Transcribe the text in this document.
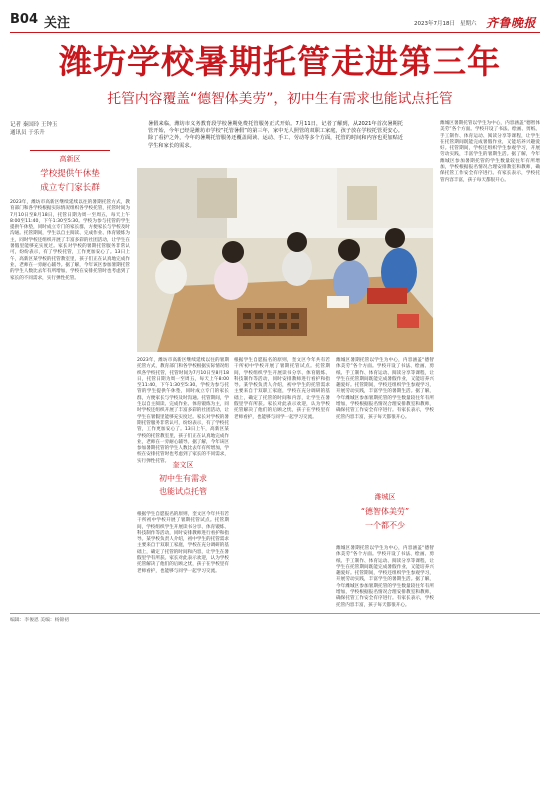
B04 关注	2023年7月18日 星期六 齐鲁晚报
潍坊学校暑期托管走进第三年
托管内容覆盖“德智体美劳”，初中生有需求也能试点托管
记者 秦国玲 王钟玉
通讯员 于乐升
暑假来临，潍坊市义务教育段学校暑期免费托管服务正式开始。7月11日，记者了解到，从2021年首次暑期托管开始，今年已经是潍坊市学校“托管暑假”的第三年，家中无人照管的双职工家庭，孩子放在学校托管更安心。除了看护之外，今年的暑期托管服务还覆盖阅读、运动、手工、劳动等多个方面，托管的时间和内容也更加贴近学生和家长的需求。
高新区
学校提供午休垫
成立专门家长群
2023年，潍坊市高新区继续延续以往的暑期托管方式，教育部门和各学校根据实际情况组织各学校托管，托管时间为7月10日至8月18日，托管日期为周一至周五，每天上午8:00至11:40，下午1:30至5:30。学校为参与托管的学生提供午休垫，同时成立专门的家长群，方便家长与学校及时沟通。托管期间，学生以自主阅读、完成作业、体育锻炼为主，同时学校还组织开展了丰富多彩的社团活动，让学生在暑假里能够充实度过。家长对学校的暑期托管服务非常认可，纷纷表示，有了学校托管，工作更加安心了。13日上午，高新区某学校的托管教室里，孩子们正在认真地完成作业，老师在一旁耐心辅导。据了解，今年该区参加暑期托管的学生人数比去年有所增加，学校在安排托管时也考虑到了家长的不同需求，实行弹性托管。
2023年，潍坊市高新区继续延续以往的暑期托管方式，教育部门和各学校根据实际情况组织各学校托管，托管时间为7月10日至8月18日，托管日期为周一至周五，每天上午8:00至11:40，下午1:30至5:30。学校为参与托管的学生提供午休垫，同时成立专门的家长群，方便家长与学校及时沟通。托管期间，学生以自主阅读、完成作业、体育锻炼为主，同时学校还组织开展了丰富多彩的社团活动，让学生在暑假里能够充实度过。家长对学校的暑期托管服务非常认可，纷纷表示，有了学校托管，工作更加安心了。13日上午，高新区某学校的托管教室里，孩子们正在认真地完成作业，老师在一旁耐心辅导。据了解，今年该区参加暑期托管的学生人数比去年有所增加，学校在安排托管时也考虑到了家长的不同需求，实行弹性托管。 奎文区
初中生有需求
也能试点托管
根据学生自愿报名的原则，奎文区今年共有若干所初中学校开展了暑期托管试点。托管期间，学校组织学生开展读书分享、体育锻炼、科技制作等活动，同时安排教师进行看护和指导。某学校负责人介绍，初中学生的托管需求主要来自于双职工家庭，学校在充分调研的基础上，确定了托管的时间和内容，让学生在暑假里学有所获。家长对此表示欢迎，认为学校托管解决了他们的后顾之忧，孩子在学校里有老师看护，也能够与同学一起学习交流。
根据学生自愿报名的原则，奎文区今年共有若干所初中学校开展了暑期托管试点。托管期间，学校组织学生开展读书分享、体育锻炼、科技制作等活动，同时安排教师进行看护和指导。某学校负责人介绍，初中学生的托管需求主要来自于双职工家庭，学校在充分调研的基础上，确定了托管的时间和内容，让学生在暑假里学有所获。家长对此表示欢迎，认为学校托管解决了他们的后顾之忧，孩子在学校里有老师看护，也能够与同学一起学习交流。
潍城区暑期托管以学生为中心，内容涵盖“德智体美劳”各个方面。学校开设了书法、绘画、剪纸、手工制作、体育运动、阅读分享等课程，让学生在托管期间既能完成暑假作业，又能培养兴趣爱好。托管期间，学校还组织学生参观学习，开展劳动实践，丰富学生的暑期生活。据了解，今年潍城区参加暑期托管的学生数量较往年有所增加，学校根据报名情况合理安排教室和教师，确保托管工作安全有序进行。有家长表示，学校托管内容丰富，孩子每天都很开心。
潍城区
“德智体美劳”
一个都不少
潍城区暑期托管以学生为中心，内容涵盖“德智体美劳”各个方面。学校开设了书法、绘画、剪纸、手工制作、体育运动、阅读分享等课程，让学生在托管期间既能完成暑假作业，又能培养兴趣爱好。托管期间，学校还组织学生参观学习，开展劳动实践，丰富学生的暑期生活。据了解，今年潍城区参加暑期托管的学生数量较往年有所增加，学校根据报名情况合理安排教室和教师，确保托管工作安全有序进行。有家长表示，学校托管内容丰富，孩子每天都很开心。
潍城区暑期托管以学生为中心，内容涵盖“德智体美劳”各个方面。学校开设了书法、绘画、剪纸、手工制作、体育运动、阅读分享等课程，让学生在托管期间既能完成暑假作业，又能培养兴趣爱好。托管期间，学校还组织学生参观学习，开展劳动实践，丰富学生的暑期生活。据了解，今年潍城区参加暑期托管的学生数量较往年有所增加，学校根据报名情况合理安排教室和教师，确保托管工作安全有序进行。有家长表示，学校托管内容丰富，孩子每天都很开心。
编辑：李俊恩 美编：杨锦初
